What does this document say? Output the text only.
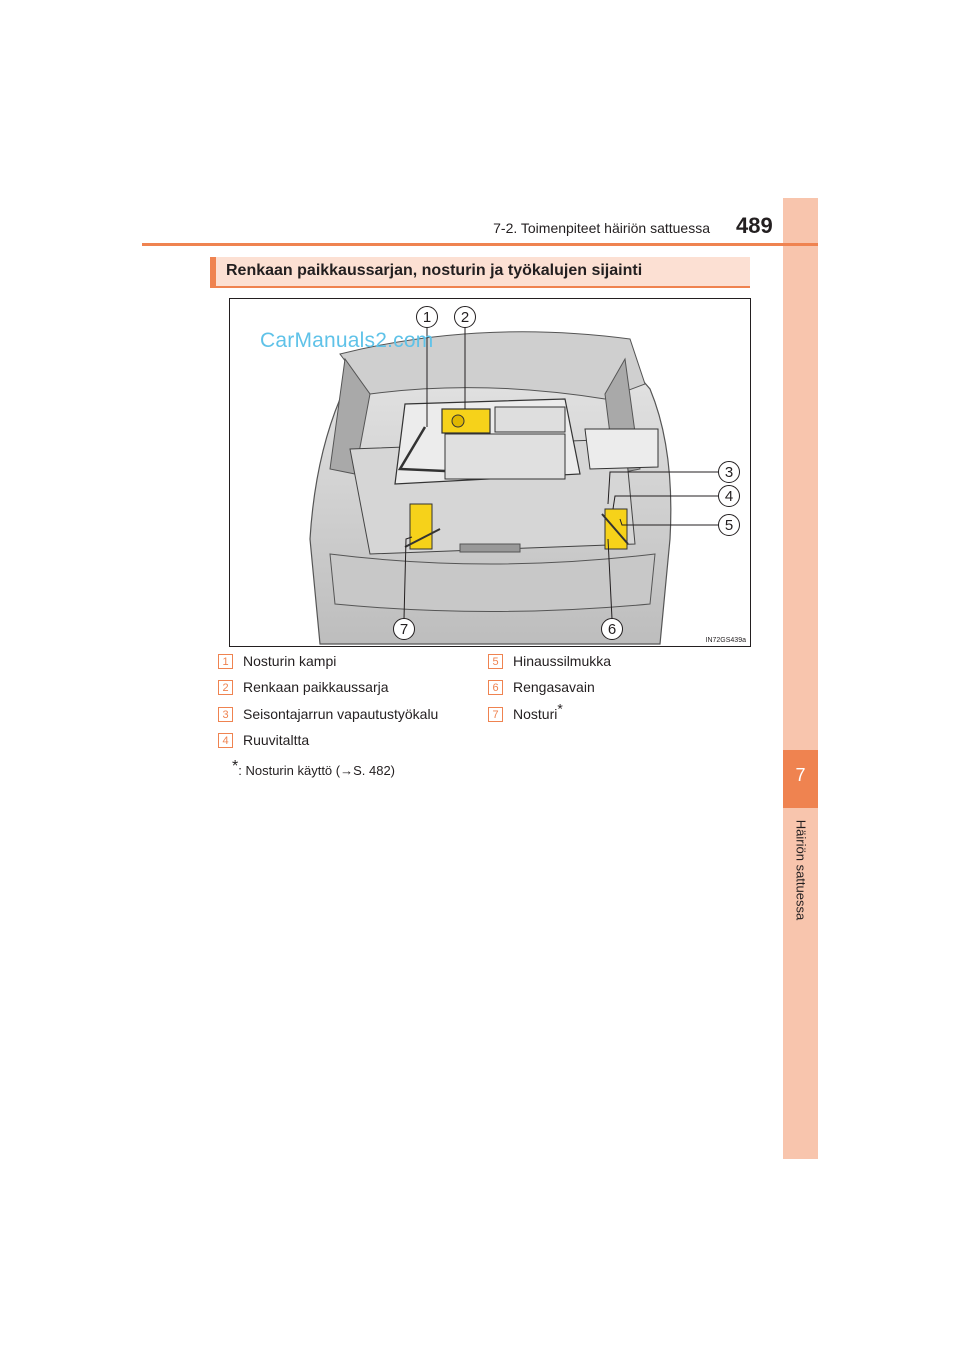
7
Häiriön sattuessa
7-2. Toimenpiteet häiriön sattuessa 489
Renkaan paikkaussarjan, nosturin ja työkalujen sijainti
CarManuals2.com
1	2
3
4
5
6
7
IN72GS439a
1 Nosturin kampi
2 Renkaan paikkaussarja
3 Seisontajarrun vapautustyökalu
4 Ruuvitaltta
5 Hinaussilmukka
6 Rengasavain
7 Nosturi*
*: Nosturin käyttö (→S. 482)
